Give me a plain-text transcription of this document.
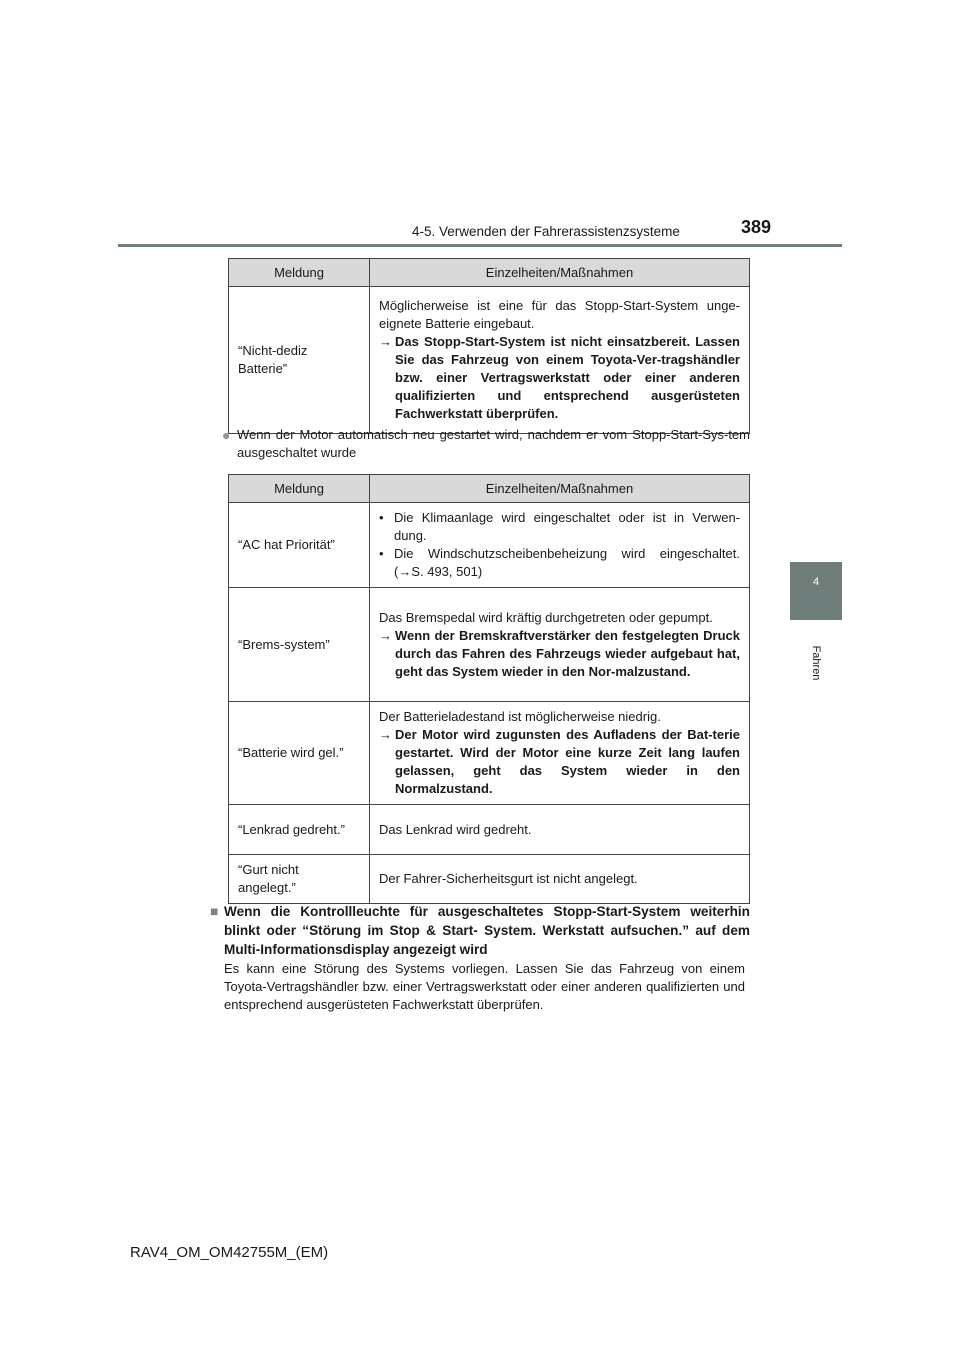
4-5. Verwenden der Fahrerassistenzsysteme	389
4
Fahren
Meldung	Einzelheiten/Maßnahmen
“Nicht-dediz Batterie”	Möglicherweise ist eine für das Stopp-Start-System unge-eignete Batterie eingebaut.
→ Das Stopp-Start-System ist nicht einsatzbereit. Lassen Sie das Fahrzeug von einem Toyota-Ver-tragshändler bzw. einer Vertragswerkstatt oder einer anderen qualifizierten und entsprechend ausgerüsteten Fachwerkstatt überprüfen.
● Wenn der Motor automatisch neu gestartet wird, nachdem er vom Stopp-Start-Sys-tem ausgeschaltet wurde
Meldung	Einzelheiten/Maßnahmen
“AC hat Priorität”	• Die Klimaanlage wird eingeschaltet oder ist in Verwen-dung.
• Die Windschutzscheibenbeheizung wird eingeschaltet. (→S. 493, 501)

“Brems-system”	Das Bremspedal wird kräftig durchgetreten oder gepumpt.
→ Wenn der Bremskraftverstärker den festgelegten Druck durch das Fahren des Fahrzeugs wieder aufgebaut hat, geht das System wieder in den Nor-malzustand.

“Batterie wird gel.”	Der Batterieladestand ist möglicherweise niedrig.
→ Der Motor wird zugunsten des Aufladens der Bat-terie gestartet. Wird der Motor eine kurze Zeit lang laufen gelassen, geht das System wieder in den Normalzustand.

“Lenkrad gedreht.”	Das Lenkrad wird gedreht.
“Gurt nicht angelegt.”	Der Fahrer-Sicherheitsgurt ist nicht angelegt.
■ Wenn die Kontrollleuchte für ausgeschaltetes Stopp-Start-System weiterhin blinkt oder “Störung im Stop & Start- System. Werkstatt aufsuchen.” auf dem Multi-Informationsdisplay angezeigt wird
Es kann eine Störung des Systems vorliegen. Lassen Sie das Fahrzeug von einem Toyota-Vertragshändler bzw. einer Vertragswerkstatt oder einer anderen qualifizierten und entsprechend ausgerüsteten Fachwerkstatt überprüfen.
RAV4_OM_OM42755M_(EM)
